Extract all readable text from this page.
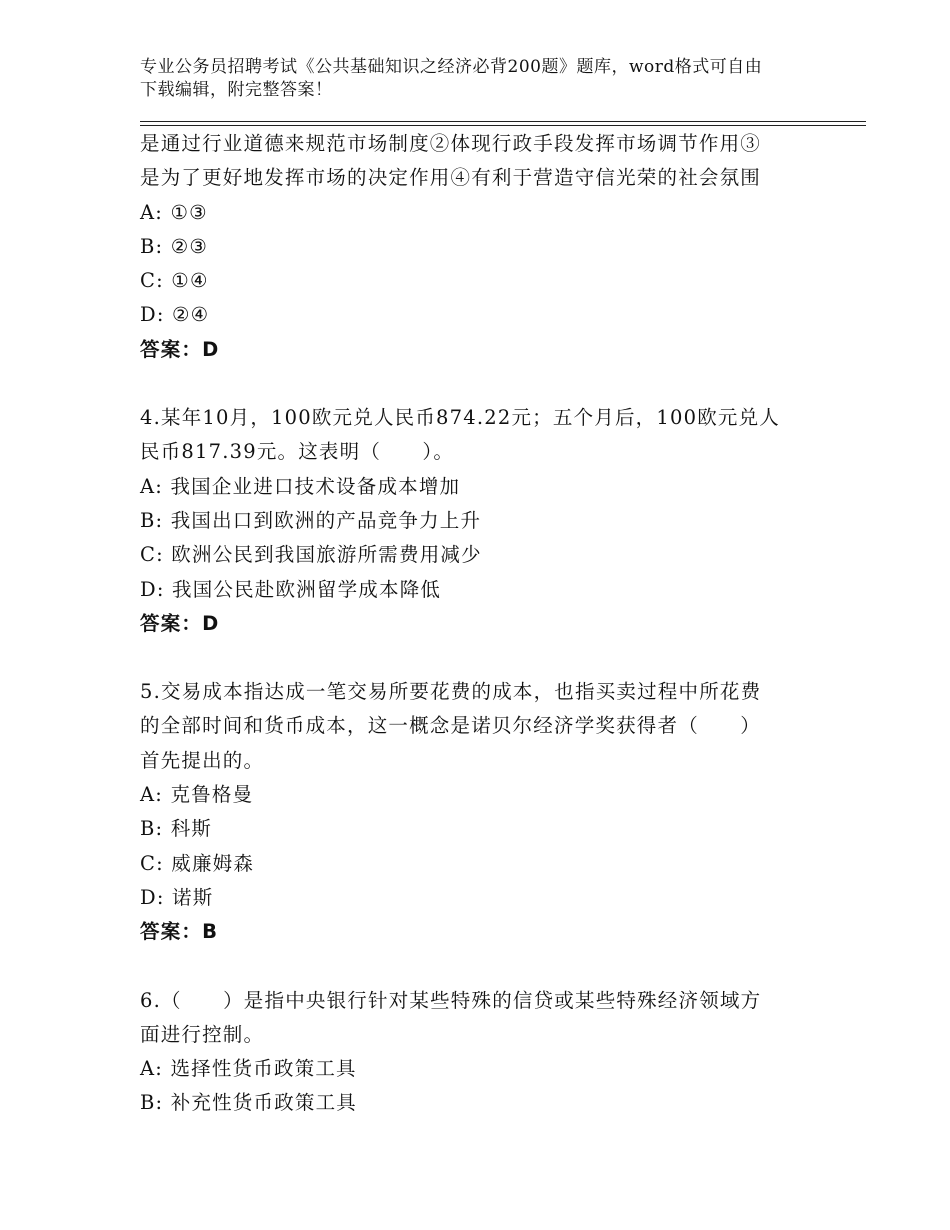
专业公务员招聘考试《公共基础知识之经济必背200题》题库，word格式可自由
下载编辑，附完整答案！
是通过行业道德来规范市场制度②体现行政手段发挥市场调节作用③
是为了更好地发挥市场的决定作用④有利于营造守信光荣的社会氛围
A: ①③
B: ②③
C: ①④
D: ②④
答案：D
4.某年10月，100欧元兑人民币874.22元；五个月后，100欧元兑人
民币817.39元。这表明（　　）。
A: 我国企业进口技术设备成本增加
B: 我国出口到欧洲的产品竞争力上升
C: 欧洲公民到我国旅游所需费用减少
D: 我国公民赴欧洲留学成本降低
答案：D
5.交易成本指达成一笔交易所要花费的成本，也指买卖过程中所花费
的全部时间和货币成本，这一概念是诺贝尔经济学奖获得者（　　）
首先提出的。
A: 克鲁格曼
B: 科斯
C: 威廉姆森
D: 诺斯
答案：B
6.（　　）是指中央银行针对某些特殊的信贷或某些特殊经济领域方
面进行控制。
A: 选择性货币政策工具
B: 补充性货币政策工具
